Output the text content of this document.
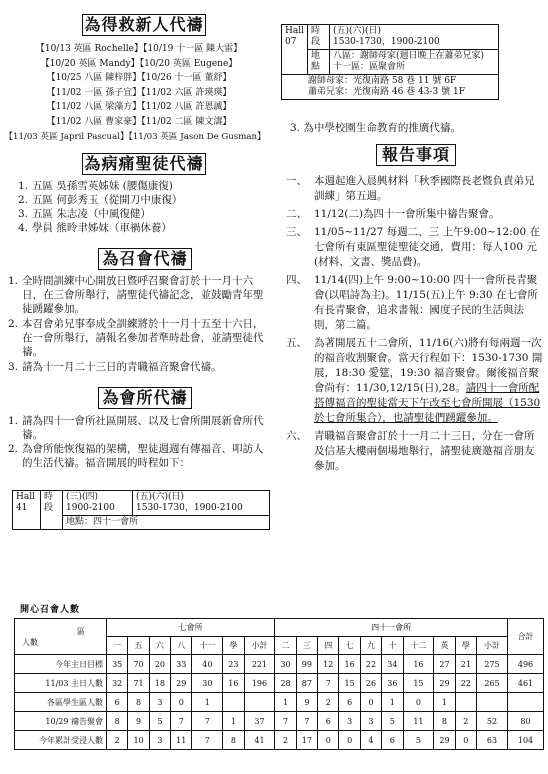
為得救新人代禱
【10/13 英區 Rochelle】【10/19 十一區 陳大雷】
【10/20 英區 Mandy】【10/20 英區 Eugene】
【10/25 八區 陳梓胖】【10/26 十一區 董舒】
【11/02 一區 孫子宜】【11/02 六區 許瑛瑛】
【11/02 八區 梁藻方】【11/02 八區 許恩誠】
【11/02 八區 曹家豪】【11/02 二區 陳文濤】
【11/03 英區 Japril Pascual】【11/03 英區 Jason De Gusman】
為病痛聖徒代禱
1. 五區 吳孫雪英姊妹 (腰傷康復)
2. 五區 何彭秀玉（從開刀中康復）
3. 五區 朱志凌（中風復健）
4. 學員 熊昤聿姊妹（車禍休養）
為召會代禱
1. 全時間訓練中心開放日暨呼召聚會訂於十一月十六日，在三會所舉行，請聖徒代禱記念，並鼓勵青年聖徒踴躍參加。
2. 本召會弟兄事奉成全訓練將於十一月十五至十六日，在一會所舉行，請報名參加者準時赴會，並請聖徒代禱。
3. 請為十一月二十三日的青職福音聚會代禱。
為會所代禱
1. 請為四十一會所社區開展、以及七會所開展新會所代禱。
2. 為會所能恢復福的架構，聖徒週週有傳福音、叩訪人的生活代禱。福音開展的時程如下：
Hall 41	時段	
(三)(四)
1900-2100

(五)(六)(日)
1530-1730，1900-2100

地點：四十一會所
Hall 07	時段	(五)(六)(日)
1530-1730，1900-2100

	地點	八區：謝師母家(週日晚上在蕭弟兄家)
十一區：區聚會所

謝師母家：光復南路 58 巷 11 號 6F
蕭弟兄家：光復南路 46 巷 43-3 號 1F		
3. 為中學校園生命教育的推廣代禱。
報告事項
一、 本週起進入晨興材料「秋季國際長老暨負責弟兄訓練」第五週。
二、 11/12(二)為四十一會所集中禱告聚會。
三、 11/05~11/27 每週二、三 上午9:00~12:00 在七會所有東區聖徒聖徒交通，費用：每人100 元(材料、文書、獎品費)。
四、 11/14(四)上午 9:00~10:00 四十一會所長青聚會(以唱詩為主)。11/15(五)上午 9:30 在七會所有長青聚會，追求書報：國度子民的生活與法則，第二篇。
五、 為著開展五十二會所，11/16(六)將有每兩週一次的福音收割聚會。當天行程如下：1530-1730 開展，18:30 愛筵，19:30 福音聚會。爾後福音聚會尚有：11/30,12/15(日),28。請四十一會所配搭傳福音的聖徒當天下午改至七會所開展（1530 於七會所集合），也請聖徒們踴躍參加。
六、 青職福音聚會訂於十一月二十三日，分在一會所及信基大樓兩個場地舉行，請聖徒廣邀福音朋友參加。
開心召會人數
區
人數	七會所							四十一會所										合計
	一	五	六	八	十一	學	小計	二	三	四	七	九	十	十二	英	學	小計	
今年主日目標	35	70	20	33	40	23	221	30	99	12	16	22	34	16	27	21	275	496
11/03 主日人數	32	71	18	29	30	16	196	28	87	7	15	26	36	15	29	22	265	461
各區學生區人數	6	8	3	0	1			1	9	2	6	0	1	0	1			
10/29 禱告聚會	8	9	5	7	7	1	37	7	7	6	3	3	5	11	8	2	52	80
今年累計受浸人數	2	10	3	11	7	8	41	2	17	0	0	4	6	5	29	0	63	104
